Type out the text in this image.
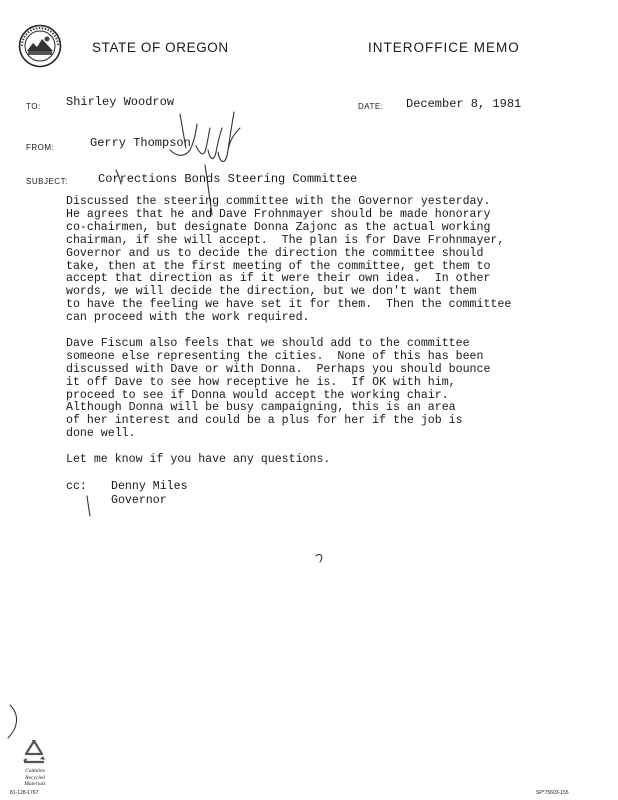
STATE OF OREGON	INTEROFFICE MEMO
TO: Shirley Woodrow	DATE: December 8, 1981
FROM:	Gerry Thompson
SUBJECT:	Corrections Bonds Steering Committee

Discussed the steering committee with the Governor yesterday.
He agrees that he and Dave Frohnmayer should be made honorary
co-chairmen, but designate Donna Zajonc as the actual working
chairman, if she will accept.  The plan is for Dave Frohnmayer,
Governor and us to decide the direction the committee should
take, then at the first meeting of the committee, get them to
accept that direction as if it were their own idea.  In other
words, we will decide the direction, but we don't want them
to have the feeling we have set it for them.  Then the committee
can proceed with the work required.

Dave Fiscum also feels that we should add to the committee
someone else representing the cities.  None of this has been
discussed with Dave or with Donna.  Perhaps you should bounce
it off Dave to see how receptive he is.  If OK with him,
proceed to see if Donna would accept the working chair.
Although Donna will be busy campaigning, this is an area
of her interest and could be a plus for her if the job is
done well.

Let me know if you have any questions.

cc: Denny Miles
Governor
Contains Recycled Materials
81-128-1767	SP*75603-155
